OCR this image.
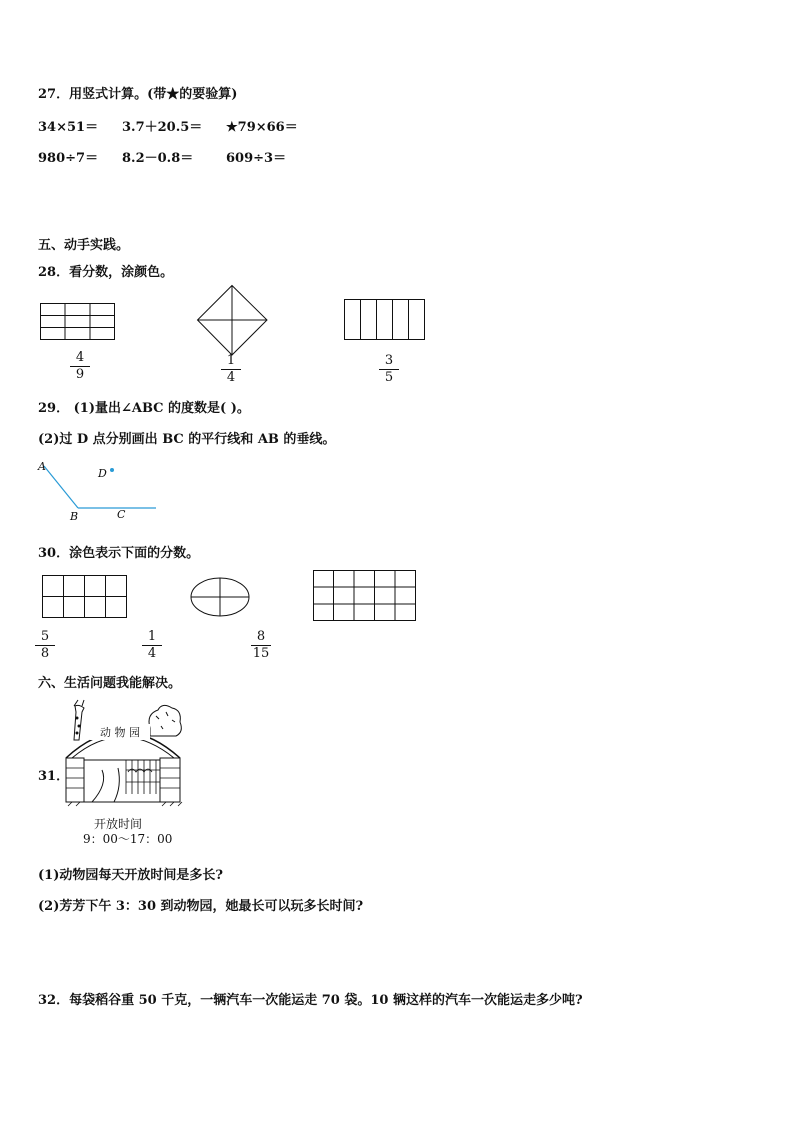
27．用竖式计算。(带★的要验算)
34×51＝ 3.7＋20.5＝ ★79×66＝
980÷7＝ 8.2－0.8＝	609÷3＝
五、动手实践。
28．看分数，涂颜色。
4
9
1
4
3
5
29． (1)量出∠ABC 的度数是( )。
(2)过 D 点分别画出 BC 的平行线和 AB 的垂线。
A
B	C
D
30．涂色表示下面的分数。
5
8
1
4
8
15
六、生活问题我能解决。
31．
动 物 园
开放时间
9：00～17：00
(1)动物园每天开放时间是多长?
(2)芳芳下午 3：30 到动物园，她最长可以玩多长时间?
32．每袋稻谷重 50 千克，一辆汽车一次能运走 70 袋。10 辆这样的汽车一次能运走多少吨?
